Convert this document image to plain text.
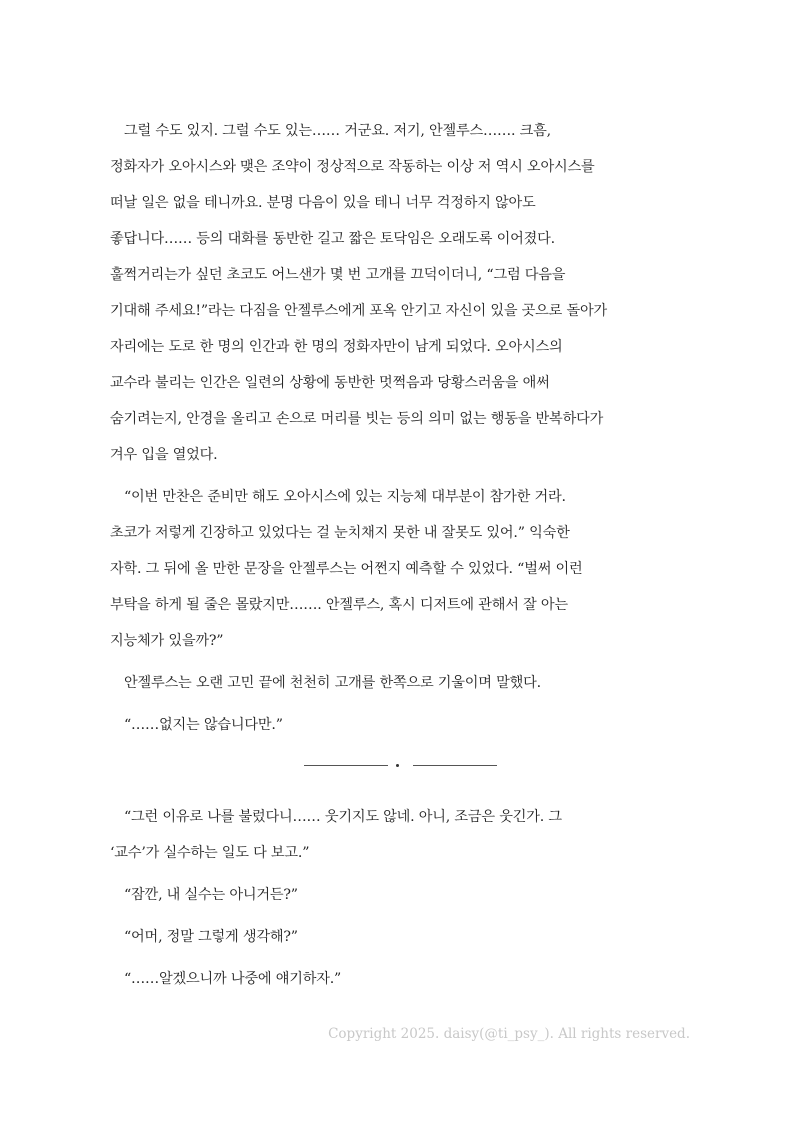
그럴 수도 있지. 그럴 수도 있는…… 거군요. 저기, 안젤루스……. 크흠,
정화자가 오아시스와 맺은 조약이 정상적으로 작동하는 이상 저 역시 오아시스를
떠날 일은 없을 테니까요. 분명 다음이 있을 테니 너무 걱정하지 않아도
좋답니다…… 등의 대화를 동반한 길고 짧은 토닥임은 오래도록 이어졌다.
훌쩍거리는가 싶던 초코도 어느샌가 몇 번 고개를 끄덕이더니, “그럼 다음을
기대해 주세요!”라는 다짐을 안젤루스에게 포옥 안기고 자신이 있을 곳으로 돌아가
자리에는 도로 한 명의 인간과 한 명의 정화자만이 남게 되었다. 오아시스의
교수라 불리는 인간은 일련의 상황에 동반한 멋쩍음과 당황스러움을 애써
숨기려는지, 안경을 올리고 손으로 머리를 빗는 등의 의미 없는 행동을 반복하다가
겨우 입을 열었다.
“이번 만찬은 준비만 해도 오아시스에 있는 지능체 대부분이 참가한 거라.
초코가 저렇게 긴장하고 있었다는 걸 눈치채지 못한 내 잘못도 있어.” 익숙한
자학. 그 뒤에 올 만한 문장을 안젤루스는 어쩐지 예측할 수 있었다. “벌써 이런
부탁을 하게 될 줄은 몰랐지만……. 안젤루스, 혹시 디저트에 관해서 잘 아는
지능체가 있을까?”
안젤루스는 오랜 고민 끝에 천천히 고개를 한쪽으로 기울이며 말했다.
“……없지는 않습니다만.”
“그런 이유로 나를 불렀다니…… 웃기지도 않네. 아니, 조금은 웃긴가. 그
‘교수’가 실수하는 일도 다 보고.”
“잠깐, 내 실수는 아니거든?”
“어머, 정말 그렇게 생각해?”
“……알겠으니까 나중에 얘기하자.”
Copyright 2025. daisy(@ti_psy_). All rights reserved.
